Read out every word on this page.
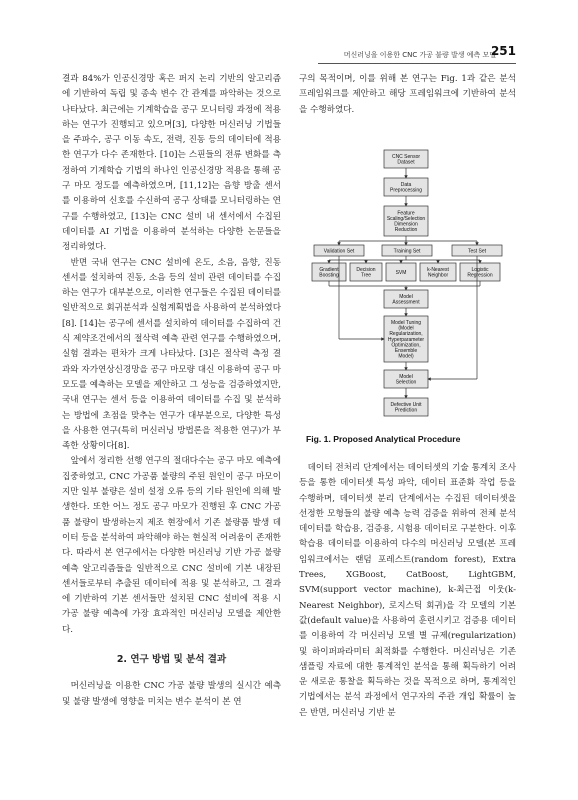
머신러닝을 이용한 CNC 가공 불량 발생 예측 모델
251

결과 84%가 인공신경망 혹은 퍼지 논리 기반의 알고리즘에 기반하여 독립 및 종속 변수 간 관계를 파악하는 것으로 나타났다. 최근에는 기계학습을 공구 모니터링 과정에 적용하는 연구가 진행되고 있으며[3], 다양한 머신러닝 기법들을 주파수, 공구 이동 속도, 전력, 진동 등의 데이터에 적용한 연구가 다수 존재한다. [10]는 스핀들의 전류 변화를 측정하여 기계학습 기법의 하나인 인공신경망 적용을 통해 공구 마모 정도를 예측하였으며, [11,12]는 음향 방출 센서를 이용하여 신호를 수신하여 공구 상태를 모니터링하는 연구를 수행하였고, [13]는 CNC 설비 내 센서에서 수집된 데이터를 AI 기법을 이용하여 분석하는 다양한 논문들을 정리하였다.

반면 국내 연구는 CNC 설비에 온도, 소음, 음향, 진동 센서를 설치하여 진동, 소음 등의 설비 관련 데이터를 수집하는 연구가 대부분으로, 이러한 연구들은 수집된 데이터를 일반적으로 회귀분석과 실험계획법을 사용하여 분석하였다[8]. [14]는 공구에 센서를 설치하여 데이터를 수집하여 건식 제약조건에서의 절삭력 예측 관련 연구를 수행하였으며, 실험 결과는 편차가 크게 나타났다. [3]은 절삭력 측정 결과와 자가연상신경망을 공구 마모량 대신 이용하여 공구 마모도를 예측하는 모델을 제안하고 그 성능을 검증하였지만, 국내 연구는 센서 등을 이용하여 데이터를 수집 및 분석하는 방법에 초점을 맞추는 연구가 대부분으로, 다양한 특성을 사용한 연구(특히 머신러닝 방법론을 적용한 연구)가 부족한 상황이다[8].

앞에서 정리한 선행 연구의 절대다수는 공구 마모 예측에 집중하였고, CNC 가공품 불량의 주된 원인이 공구 마모이지만 일부 불량은 설비 설정 오류 등의 기타 원인에 의해 발생한다. 또한 어느 정도 공구 마모가 진행된 후 CNC 가공품 불량이 발생하는지 제조 현장에서 기존 불량품 발생 데이터 등을 분석하여 파악해야 하는 현실적 어려움이 존재한다. 따라서 본 연구에서는 다양한 머신러닝 기반 가공 불량 예측 알고리즘들을 일반적으로 CNC 설비에 기본 내장된 센서들로부터 추출된 데이터에 적용 및 분석하고, 그 결과에 기반하여 기본 센서들만 설치된 CNC 설비에 적용 시 가공 불량 예측에 가장 효과적인 머신러닝 모델을 제안한다.

2. 연구 방법 및 분석 결과

머신러닝을 이용한 CNC 가공 불량 발생의 실시간 예측 및 불량 발생에 영향을 미치는 변수 분석이 본 연

구의 목적이며, 이를 위해 본 연구는 Fig. 1과 같은 분석 프레임워크를 제안하고 해당 프레임워크에 기반하여 분석을 수행하였다.

CNC Sensor
Dataset
Data
Preprocessing
Feature
Scaling/Selection
Dimension
Reduction
Validation Set	Training Set	Test Set
Gradient
Boosting
Decision
Tree	SVM	k-Nearest
Neighbor
Logistic
Regression
Model
Assessment
Model Tuning
(Model
Regularization,
Hyperparameter
Optimization,
Ensemble
Model)
Model
Selection
Defective Unit
Prediction
Fig. 1. Proposed Analytical Procedure

데이터 전처리 단계에서는 데이터셋의 기술 통계치 조사 등을 통한 데이터셋 특성 파악, 데이터 표준화 작업 등을 수행하며, 데이터셋 분리 단계에서는 수집된 데이터셋을 선정한 모형들의 불량 예측 능력 검증을 위하여 전체 분석 데이터를 학습용, 검증용, 시험용 데이터로 구분한다. 이후 학습용 데이터를 이용하여 다수의 머신러닝 모델(본 프레임워크에서는 랜덤 포레스트(random forest), Extra Trees, XGBoost, CatBoost, LightGBM, SVM(support vector machine), k-최근접 이웃(k-Nearest Neighbor), 로지스틱 회귀)을 각 모델의 기본값(default value)을 사용하여 훈련시키고 검증용 데이터를 이용하여 각 머신러닝 모델 별 규제(regularization) 및 하이퍼파라미터 최적화를 수행한다. 머신러닝은 기존 샘플링 자료에 대한 통계적인 분석을 통해 획득하기 어려운 새로운 통찰을 획득하는 것을 목적으로 하며, 통계적인 기법에서는 분석 과정에서 연구자의 주관 개입 확률이 높은 반면, 머신러닝 기반 분
